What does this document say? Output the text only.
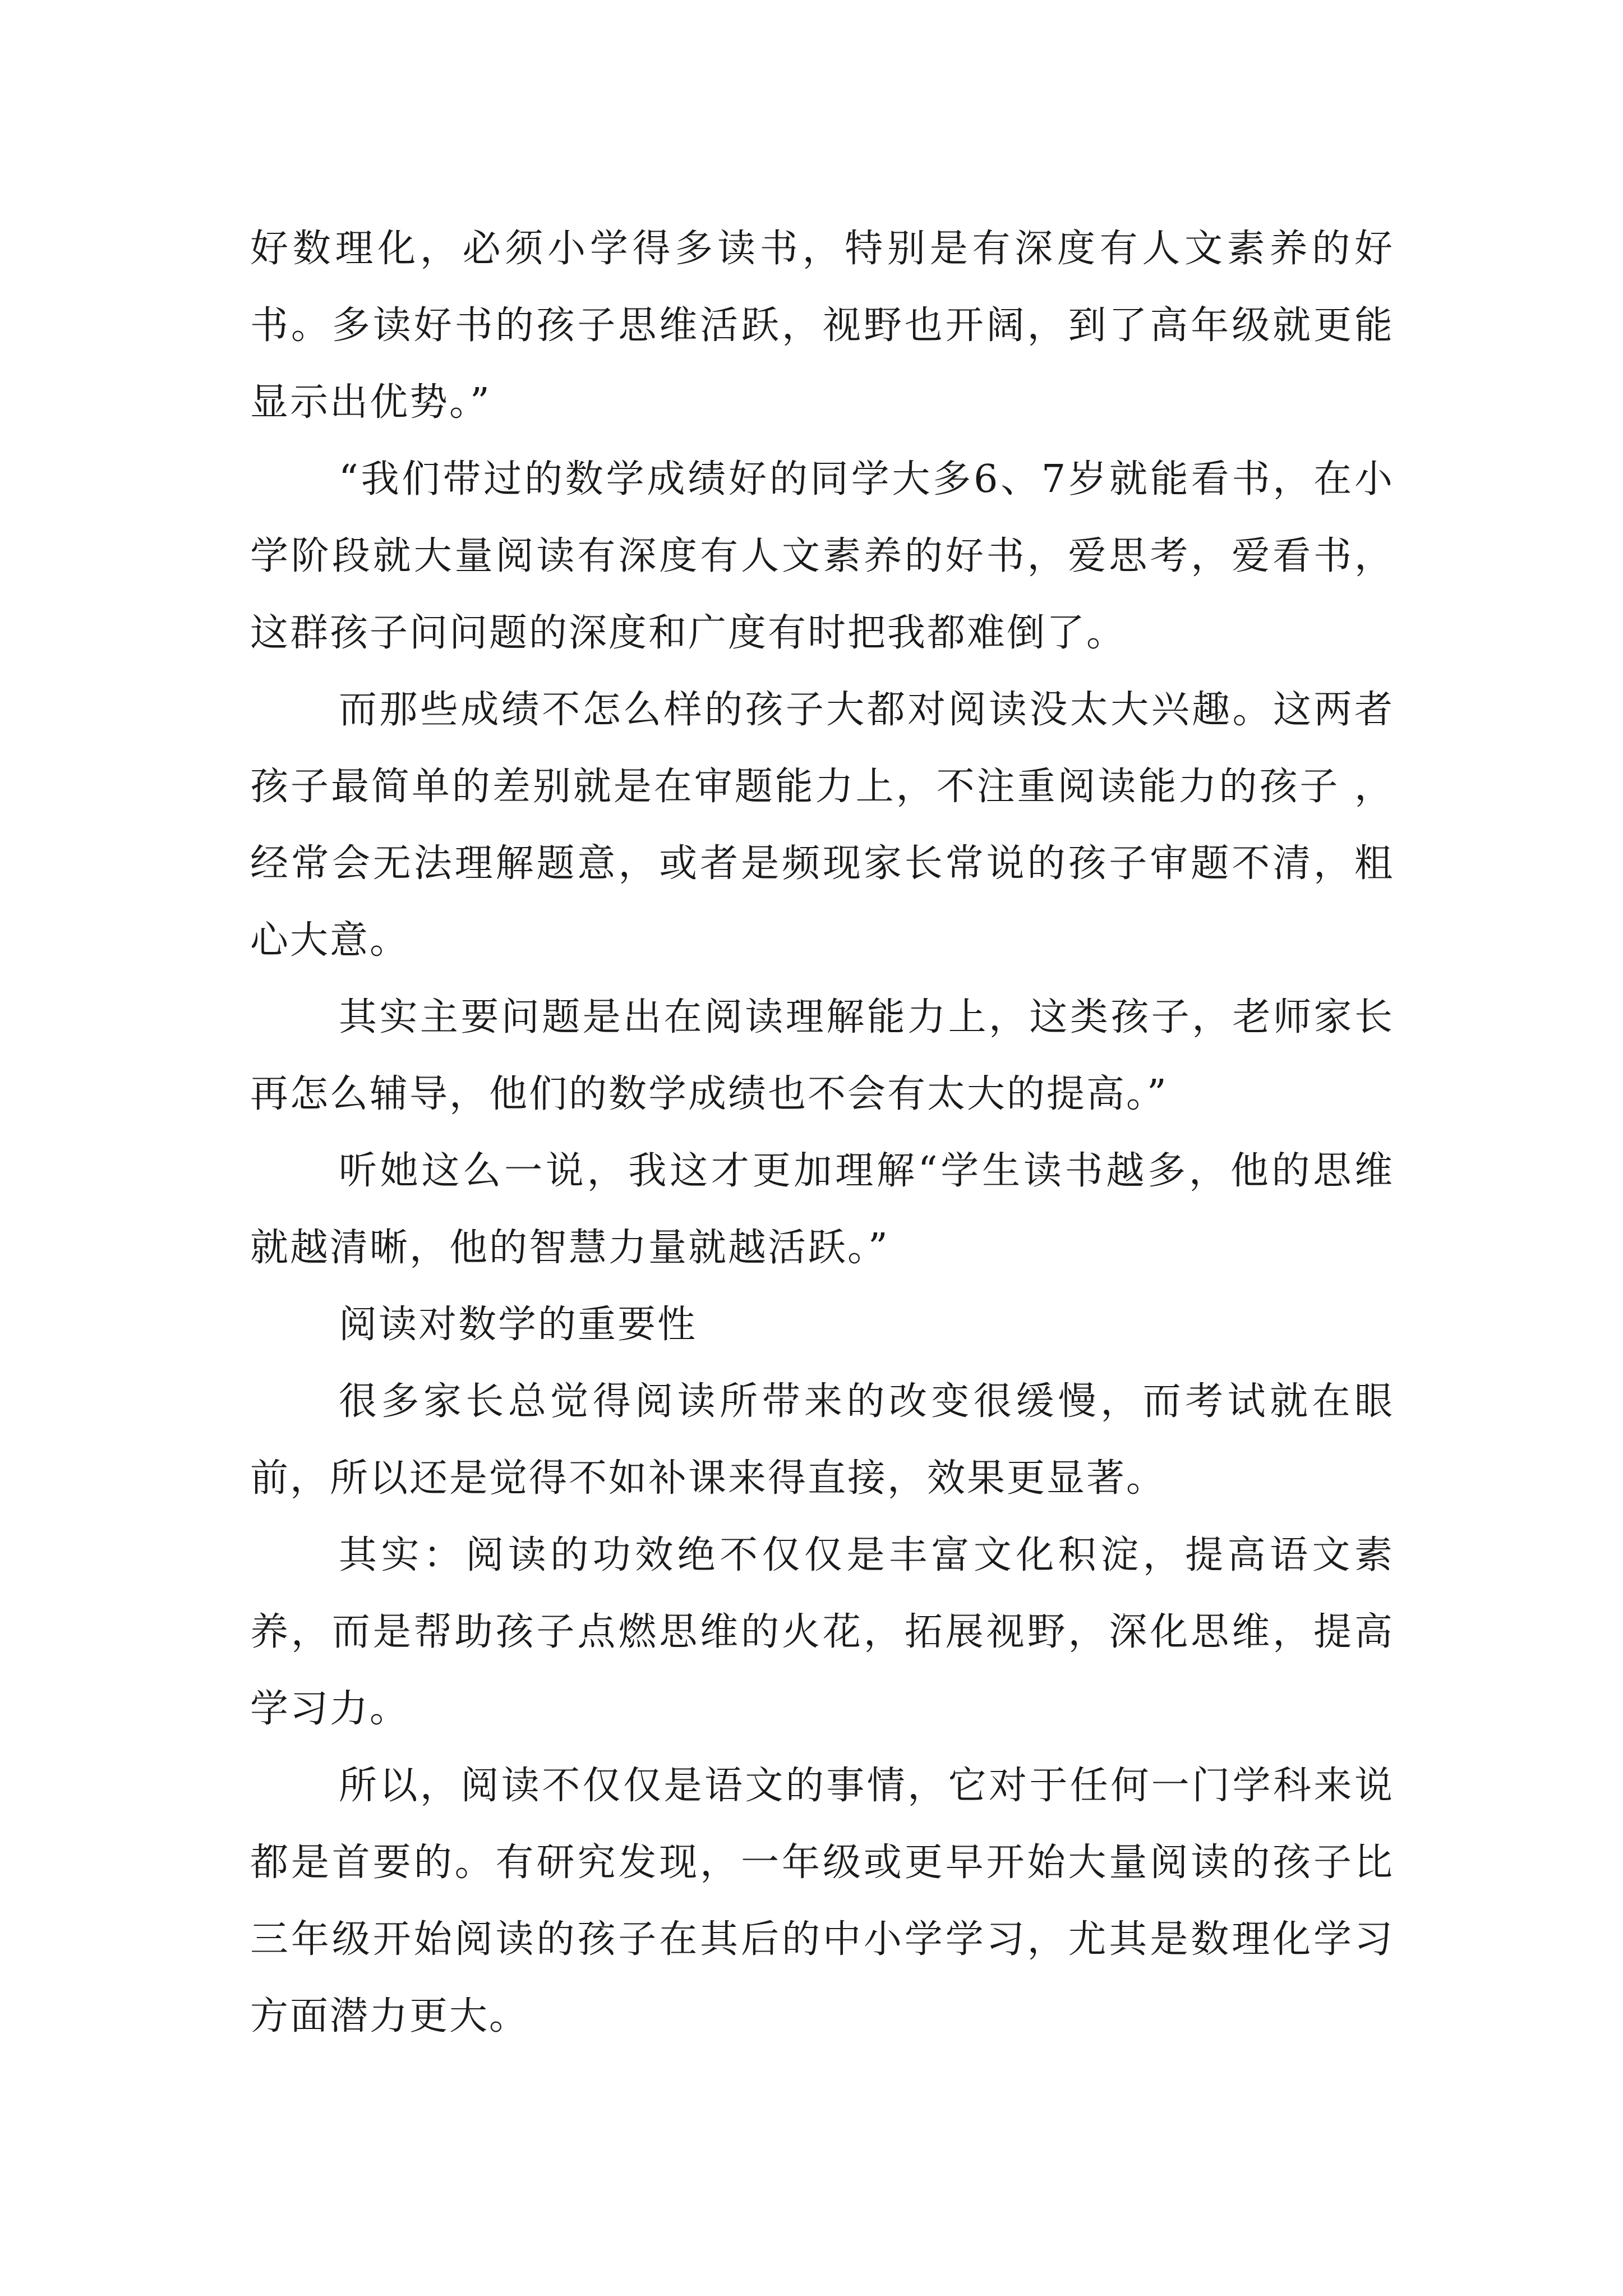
好数理化，必须小学得多读书，特别是有深度有人文素养的好书。多读好书的孩子思维活跃，视野也开阔，到了高年级就更能显示出优势。”

“我们带过的数学成绩好的同学大多6、7岁就能看书，在小学阶段就大量阅读有深度有人文素养的好书，爱思考，爱看书，这群孩子问问题的深度和广度有时把我都难倒了。

而那些成绩不怎么样的孩子大都对阅读没太大兴趣。这两者孩子最简单的差别就是在审题能力上，不注重阅读能力的孩子 ，经常会无法理解题意，或者是频现家长常说的孩子审题不清，粗心大意。

其实主要问题是出在阅读理解能力上，这类孩子，老师家长再怎么辅导，他们的数学成绩也不会有太大的提高。”

听她这么一说，我这才更加理解“学生读书越多，他的思维就越清晰，他的智慧力量就越活跃。”

阅读对数学的重要性

很多家长总觉得阅读所带来的改变很缓慢，而考试就在眼前，所以还是觉得不如补课来得直接，效果更显著。

其实：阅读的功效绝不仅仅是丰富文化积淀，提高语文素养，而是帮助孩子点燃思维的火花，拓展视野，深化思维，提高学习力。

所以，阅读不仅仅是语文的事情，它对于任何一门学科来说都是首要的。有研究发现，一年级或更早开始大量阅读的孩子比三年级开始阅读的孩子在其后的中小学学习，尤其是数理化学习方面潜力更大。
